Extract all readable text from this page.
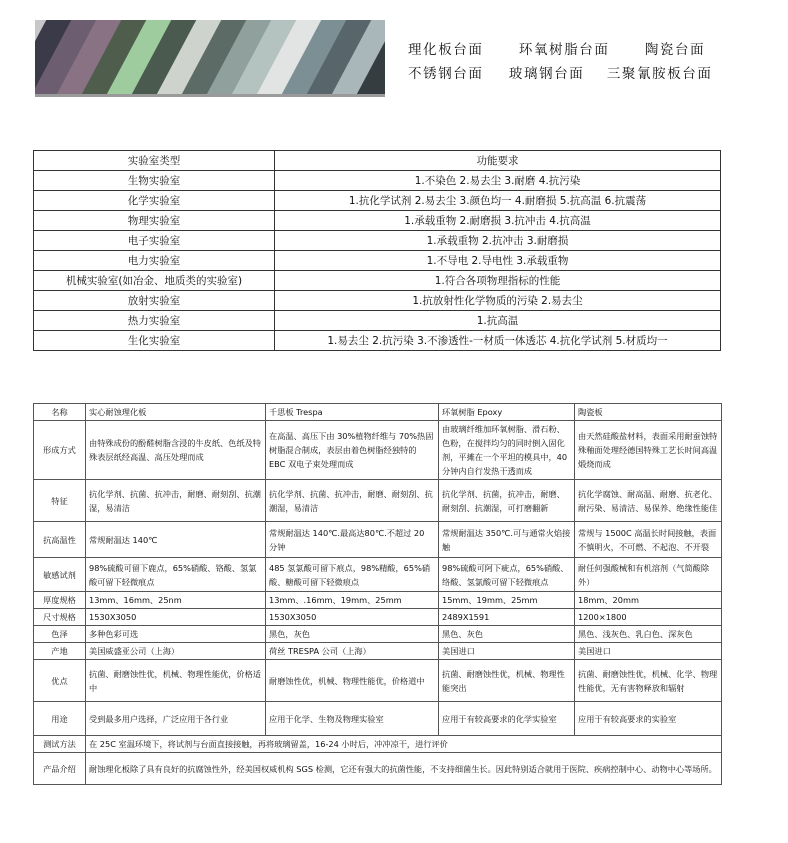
理化板台面	环氧树脂台面	陶瓷台面
不锈钢台面 玻璃钢台面 三聚氰胺板台面
实验室类型	功能要求
生物实验室	1.不染色 2.易去尘 3.耐磨 4.抗污染
化学实验室	1.抗化学试剂 2.易去尘 3.颜色均一 4.耐磨损 5.抗高温 6.抗震荡
物理实验室	1.承载重物 2.耐磨损 3.抗冲击 4.抗高温
电子实验室	1.承载重物 2.抗冲击 3.耐磨损
电力实验室	1.不导电 2.导电性 3.承载重物
机械实验室(如冶金、地质类的实验室)	1.符合各项物理指标的性能
放射实验室	1.抗放射性化学物质的污染 2.易去尘
热力实验室	1.抗高温
生化实验室	1.易去尘 2.抗污染 3.不渗透性-一材质一体透芯 4.抗化学试剂 5.材质均一
名称	实心耐蚀理化板	千思板 Trespa	环氧树脂 Epoxy	陶瓷板
形成方式	由特殊成份的酚醛树脂含浸的牛皮纸、色纸及特殊表层纸经高温、高压处理而成	在高温、高压下由 30%植物纤维与 70%热固树脂混合制成，表层由着色树脂经独特的 EBC 双电子束处理而成	由玻璃纤维加环氧树脂、滑石粉、色粉，在搅拌均匀的同时倒入固化剂，平摊在一个平坦的模具中，40 分钟内自行发热干透而成	由天然硅酸盐材料，表面采用耐蚕蚀特殊釉面处理经德国特殊工艺长时间高温煅烧而成
特征	抗化学剂、抗菌、抗冲击，耐磨、耐刻刮、抗潮湿，易清洁	抗化学剂、抗菌、抗冲击，耐磨、耐刻刮、抗潮湿，易清洁	抗化学剂、抗菌，抗冲击，耐磨、耐刻刮、抗潮湿，可打磨翻新	抗化学腐蚀、耐高温、耐磨、抗老化、耐污染、易清洁、易保养、绝缘性能佳
抗高温性	常规耐温达 140℃	常规耐温达 140℃.最高达80℃.不超过 20 分钟	常规耐温达 350℃.可与通常火焰接触	常规与 1500C 高温长时间接触，表面不慎明火，不可燃、不起泡、不开裂
敏感试剂	98%硫酸可留下鹿点，65%硝酸、铬酸、氢氯酸可留下轻微痕点	485 氢氯酸可留下痕点，98%精酸，65%硝酸、糖酸可留下轻微痕点	98%硫酸可阿下疵点，65%硝酸、络酸、氢氯酸可留下轻微痕点	耐任何强酸械和有机溶剂（气简酸除外）
厚度规格	13mm、16mm、25nm	13mm、.16mm、19mm、25mm	15mm、19mm、25mm	18mm、20mm
尺寸规格	1530X3050	1530X3050	2489X1591	1200×1800
色泽	多种色彩可选	黑色，灰色	黑色、灰色	黑色、浅灰色、乳白色、深灰色
产地	美国威盛亚公司（上海）	荷丝 TRESPA 公司（上海）	美国进口	美国进口
优点	抗菌、耐磨蚀性优，机械、物理性能优，价格适中	耐磨蚀性优，机械、物理性能优，价格道中	抗菌、耐磨蚀性优，机械、物理性能突出	抗菌、耐磨蚀性优，机械、化学、物理性能优，无有害物释放和辐射
用途	受到最多用户选择，广泛应用于各行业	应用于化学、生物及物理实验室	应用于有较高要求的化学实验室	应用于有较高要求的实验室
测试方法	在 25C 室温环境下，将试剂与台面直接接触，再将玻璃留盖，16-24 小时后，冲冲凉干，进行评价			
产品介绍	耐蚀理化板除了具有良好的抗腐蚀性外，经美国权威机构 SGS 检测，它还有强大的抗菌性能，不支持细菌生长。因此特别适合就用于医院、疾病控制中心、动物中心等场所。			
